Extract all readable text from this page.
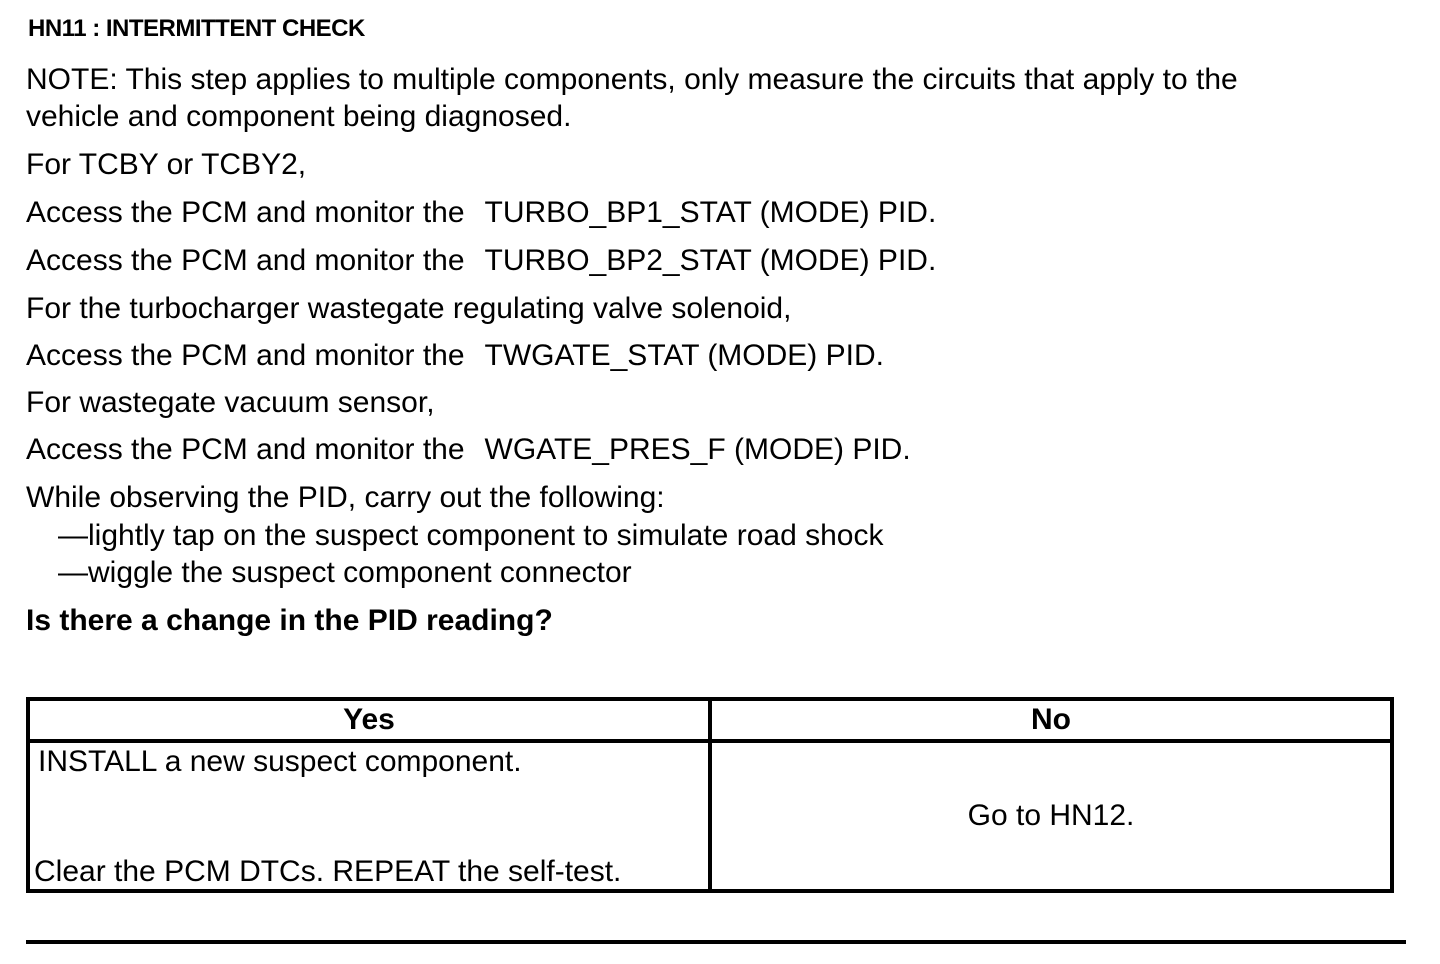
HN11 : INTERMITTENT CHECK
NOTE: This step applies to multiple components, only measure the circuits that apply to the
vehicle and component being diagnosed.
For TCBY or TCBY2,
Access the PCM and monitor the TURBO_BP1_STAT (MODE) PID.
Access the PCM and monitor the TURBO_BP2_STAT (MODE) PID.
For the turbocharger wastegate regulating valve solenoid,
Access the PCM and monitor the TWGATE_STAT (MODE) PID.
For wastegate vacuum sensor,
Access the PCM and monitor the WGATE_PRES_F (MODE) PID.
While observing the PID, carry out the following:
—lightly tap on the suspect component to simulate road shock
—wiggle the suspect component connector
Is there a change in the PID reading?
Yes	No

INSTALL a new suspect component.
Clear the PCM DTCs. REPEAT the self-test.	Go to HN12.
